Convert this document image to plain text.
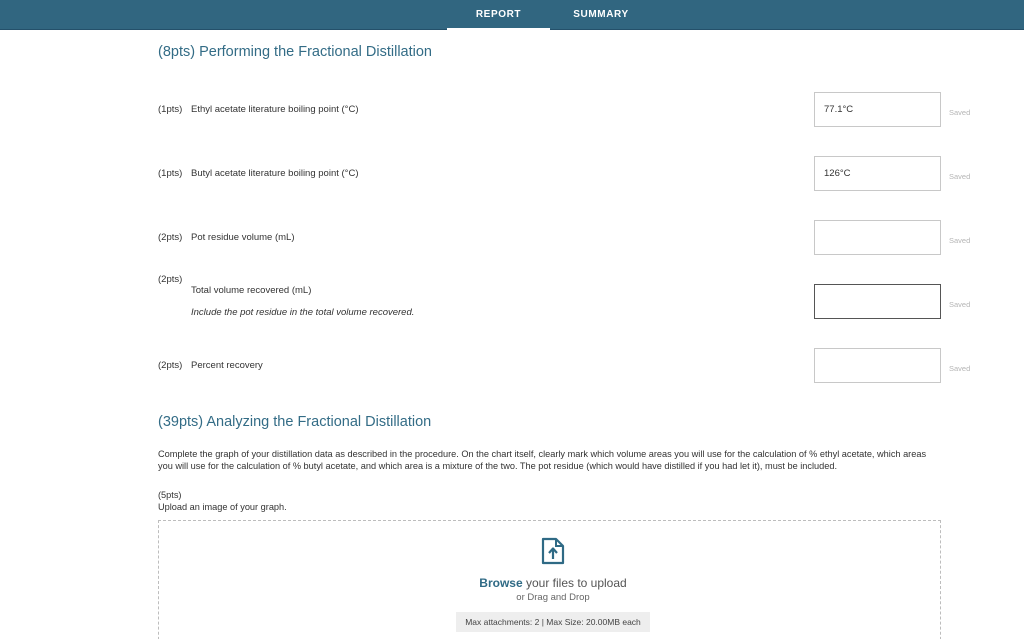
REPORT	SUMMARY
(8pts) Performing the Fractional Distillation
(1pts) Ethyl acetate literature boiling point (°C)
77.1°C	Saved
(1pts) Butyl acetate literature boiling point (°C)
126°C	Saved
(2pts) Pot residue volume (mL)	Saved
(2pts)
Total volume recovered (mL)
Include the pot residue in the total volume recovered.
Saved
(2pts) Percent recovery	Saved
(39pts) Analyzing the Fractional Distillation
Complete the graph of your distillation data as described in the procedure. On the chart itself, clearly mark which volume areas you will use for the calculation of % ethyl acetate, which areas you will use for the calculation of % butyl acetate, and which area is a mixture of the two. The pot residue (which would have distilled if you had let it), must be included.
(5pts)
Upload an image of your graph.
Browse your files to upload
or Drag and Drop
Max attachments: 2 | Max Size: 20.00MB each
